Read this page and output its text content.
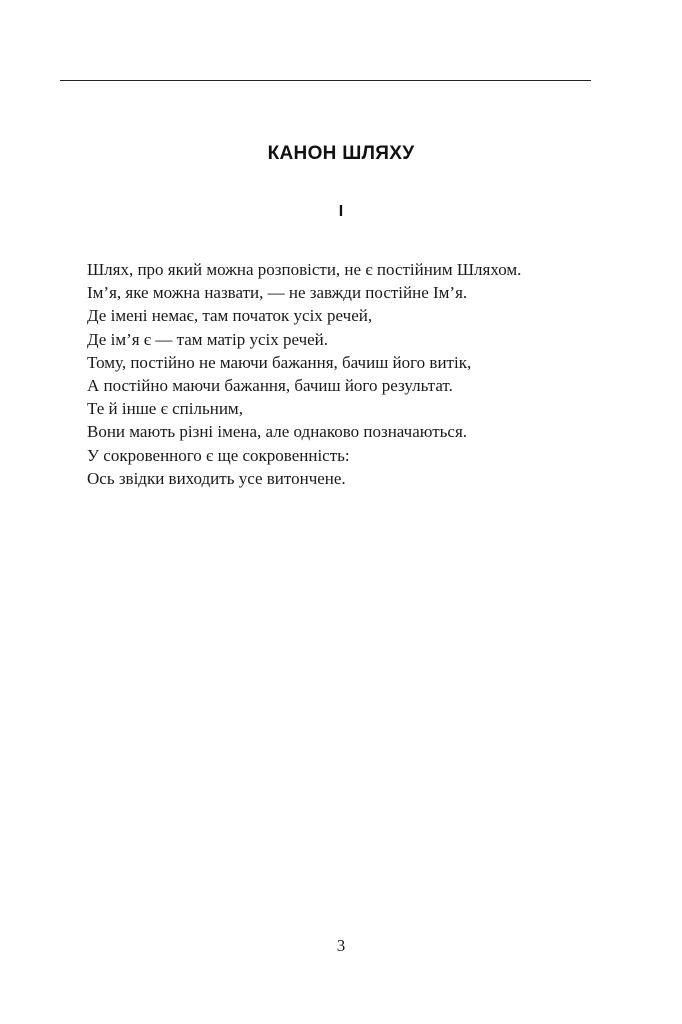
КАНОН ШЛЯХУ
I
Шлях, про який можна розповісти, не є постійним Шляхом.
Ім’я, яке можна назвати, — не завжди постійне Ім’я.
Де імені немає, там початок усіх речей,
Де ім’я є — там матір усіх речей.
Тому, постійно не маючи бажання, бачиш його витік,
А постійно маючи бажання, бачиш його результат.
Те й інше є спільним,
Вони мають різні імена, але однаково позначаються.
У сокровенного є ще сокровенність:
Ось звідки виходить усе витончене.
3
